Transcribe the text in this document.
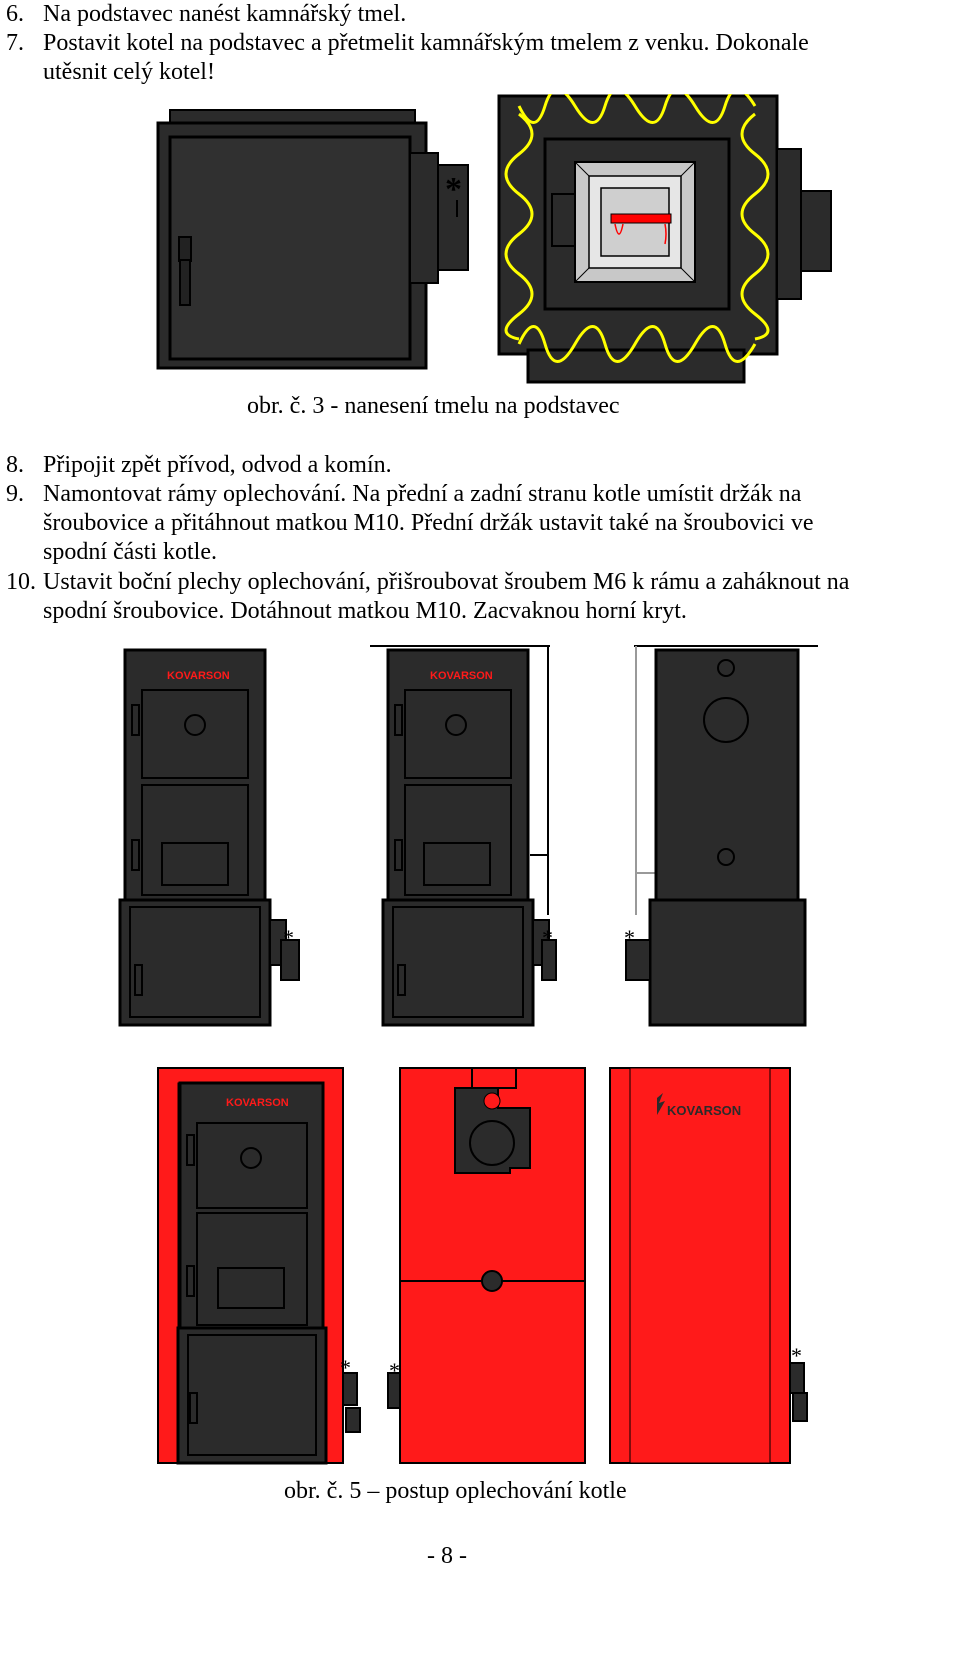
6. Na podstavec nanést kamnářský tmel.
7. Postavit kotel na podstavec a přetmelit kamnářským tmelem z venku. Dokonale
utěsnit celý kotel!
*
obr. č. 3 - nanesení tmelu na podstavec
8. Připojit zpět přívod, odvod a komín.
9. Namontovat rámy oplechování. Na přední a zadní stranu kotle umístit držák na
šroubovice a přitáhnout matkou M10. Přední držák ustavit také na šroubovici ve
spodní části kotle.
10. Ustavit boční plechy oplechování, přišroubovat šroubem M6 k rámu a zaháknout na
spodní šroubovice. Dotáhnout matkou M10. Zacvaknou horní kryt.
KOVARSON
*
KOVARSON
*	*
KOVARSON
* *
KOVARSON
*
obr. č. 5 – postup oplechování kotle
- 8 -
